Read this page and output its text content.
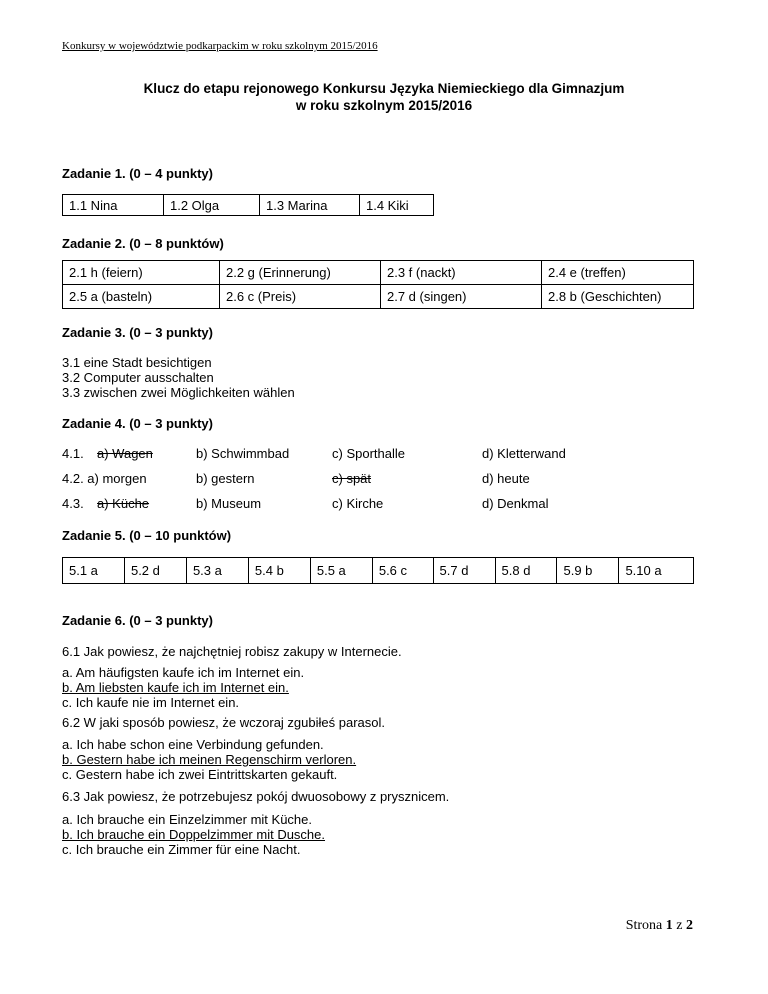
Konkursy w województwie podkarpackim w roku szkolnym 2015/2016
Klucz do etapu rejonowego Konkursu Języka Niemieckiego dla Gimnazjum
w roku szkolnym 2015/2016
Zadanie 1. (0 – 4 punkty)
1.1 Nina	1.2 Olga	1.3 Marina	1.4 Kiki
Zadanie 2. (0 – 8 punktów)
2.1 h (feiern)	2.2 g (Erinnerung)	2.3 f (nackt)	2.4 e (treffen)
2.5 a (basteln)	2.6 c (Preis)	2.7 d (singen)	2.8 b (Geschichten)
Zadanie 3. (0 – 3 punkty)
3.1 eine Stadt besichtigen
3.2 Computer ausschalten
3.3 zwischen zwei Möglichkeiten wählen
Zadanie 4. (0 – 3 punkty)
4.1. a) Wagen	b) Schwimmbad	c) Sporthalle	d) Kletterwand
4.2. a) morgen	b) gestern	c) spät	d) heute
4.3. a) Küche	b) Museum	c) Kirche	d) Denkmal
Zadanie 5. (0 – 10 punktów)
5.1 a	5.2 d	5.3 a	5.4 b	5.5 a	5.6 c	5.7 d	5.8 d	5.9 b	5.10 a
Zadanie 6. (0 – 3 punkty)
6.1 Jak powiesz, że najchętniej robisz zakupy w Internecie.
a. Am häufigsten kaufe ich im Internet ein.
b. Am liebsten kaufe ich im Internet ein.
c. Ich kaufe nie im Internet ein.
6.2 W jaki sposób powiesz, że wczoraj zgubiłeś parasol.
a. Ich habe schon eine Verbindung gefunden.
b. Gestern habe ich meinen Regenschirm verloren.
c. Gestern habe ich zwei Eintrittskarten gekauft.
6.3 Jak powiesz, że potrzebujesz pokój dwuosobowy z prysznicem.
a. Ich brauche ein Einzelzimmer mit Küche.
b. Ich brauche ein Doppelzimmer mit Dusche.
c. Ich brauche ein Zimmer für eine Nacht.
Strona 1 z 2
